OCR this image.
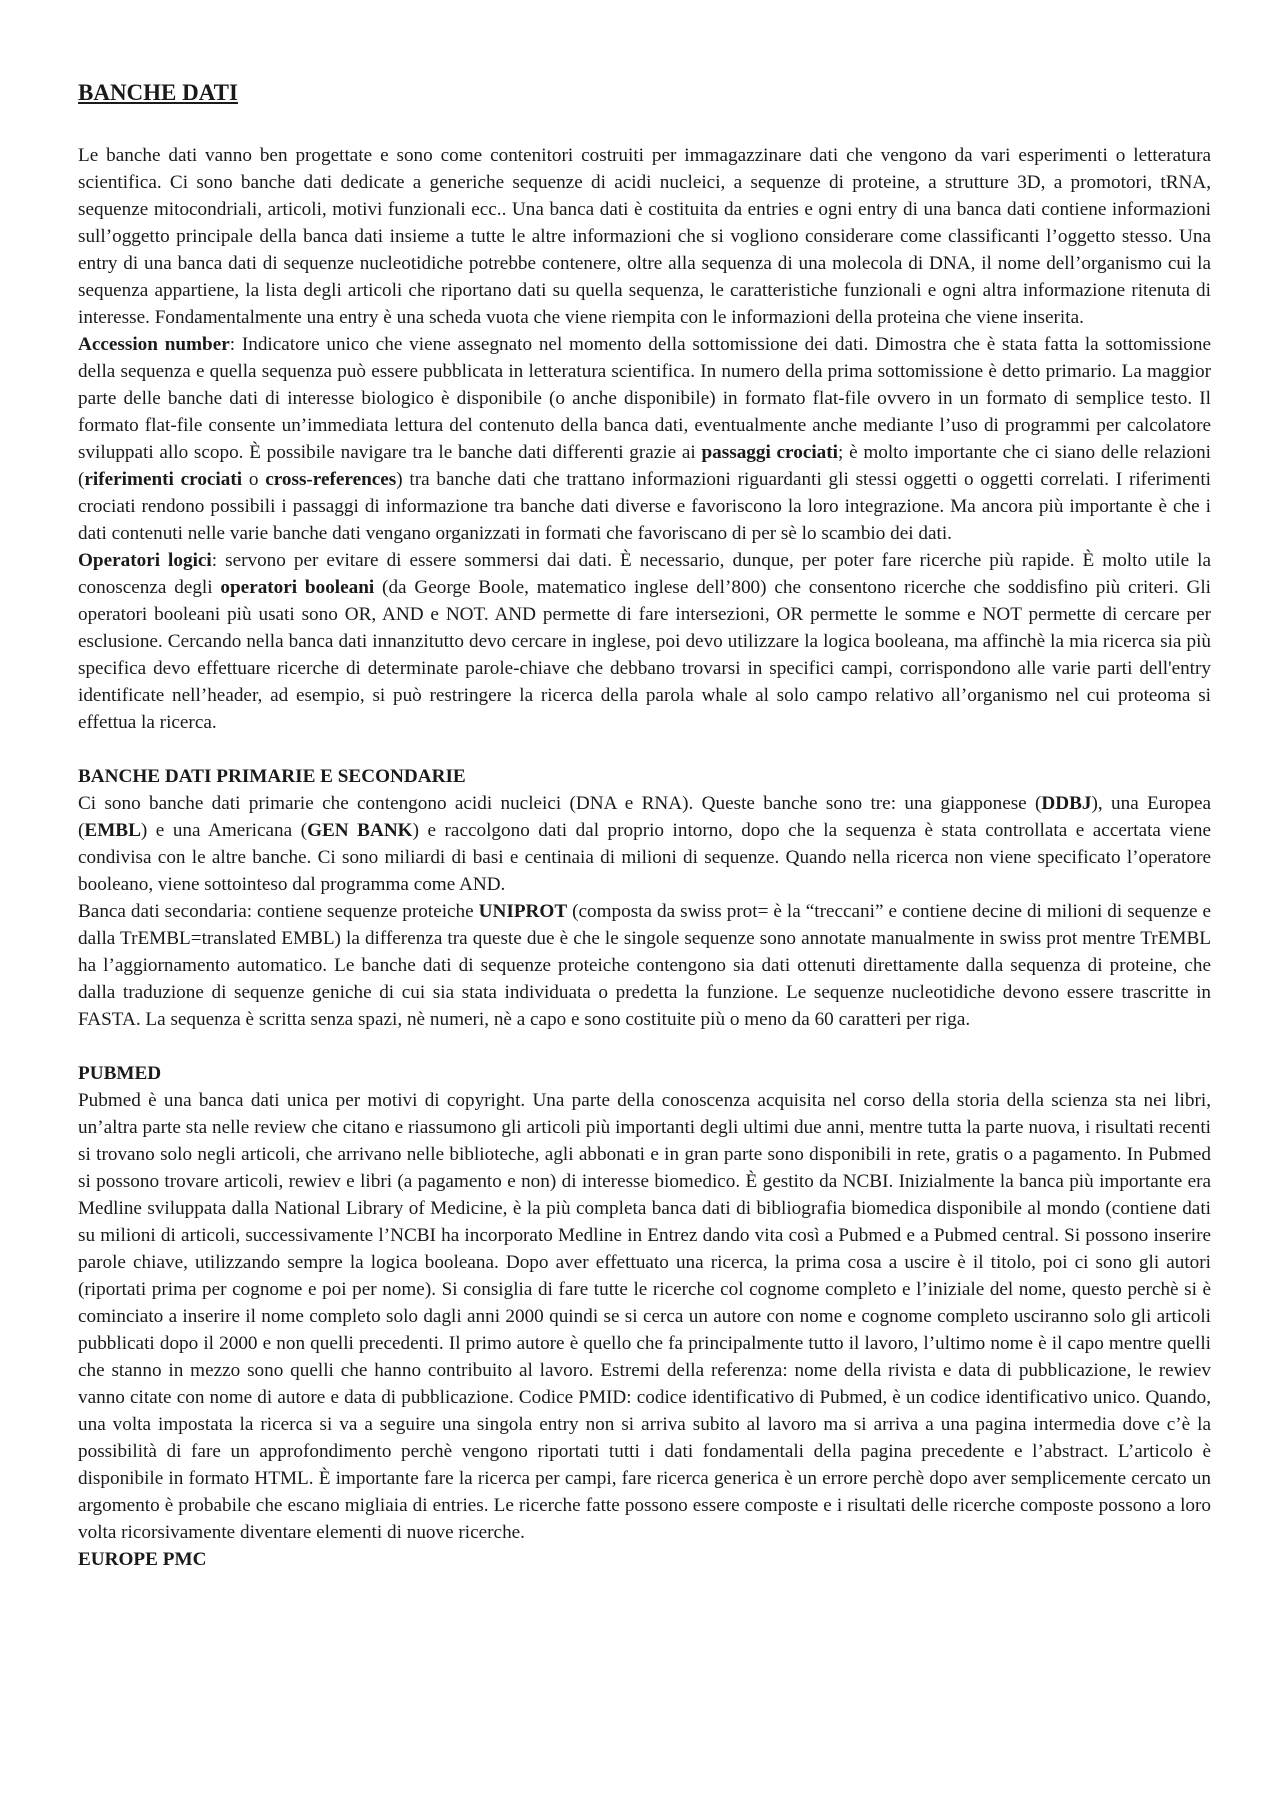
BANCHE DATI

Le banche dati vanno ben progettate e sono come contenitori costruiti per immagazzinare dati che vengono da vari esperimenti o letteratura scientifica. Ci sono banche dati dedicate a generiche sequenze di acidi nucleici, a sequenze di proteine, a strutture 3D, a promotori, tRNA, sequenze mitocondriali, articoli, motivi funzionali ecc.. Una banca dati è costituita da entries e ogni entry di una banca dati contiene informazioni sull’oggetto principale della banca dati insieme a tutte le altre informazioni che si vogliono considerare come classificanti l’oggetto stesso. Una entry di una banca dati di sequenze nucleotidiche potrebbe contenere, oltre alla sequenza di una molecola di DNA, il nome dell’organismo cui la sequenza appartiene, la lista degli articoli che riportano dati su quella sequenza, le caratteristiche funzionali e ogni altra informazione ritenuta di interesse. Fondamentalmente una entry è una scheda vuota che viene riempita con le informazioni della proteina che viene inserita.

Accession number: Indicatore unico che viene assegnato nel momento della sottomissione dei dati. Dimostra che è stata fatta la sottomissione della sequenza e quella sequenza può essere pubblicata in letteratura scientifica. In numero della prima sottomissione è detto primario. La maggior parte delle banche dati di interesse biologico è disponibile (o anche disponibile) in formato flat-file ovvero in un formato di semplice testo. Il formato flat-file consente un’immediata lettura del contenuto della banca dati, eventualmente anche mediante l’uso di programmi per calcolatore sviluppati allo scopo. È possibile navigare tra le banche dati differenti grazie ai passaggi crociati; è molto importante che ci siano delle relazioni (riferimenti crociati o cross-references) tra banche dati che trattano informazioni riguardanti gli stessi oggetti o oggetti correlati. I riferimenti crociati rendono possibili i passaggi di informazione tra banche dati diverse e favoriscono la loro integrazione. Ma ancora più importante è che i dati contenuti nelle varie banche dati vengano organizzati in formati che favoriscano di per sè lo scambio dei dati.

Operatori logici: servono per evitare di essere sommersi dai dati. È necessario, dunque, per poter fare ricerche più rapide. È molto utile la conoscenza degli operatori booleani (da George Boole, matematico inglese dell’800) che consentono ricerche che soddisfino più criteri. Gli operatori booleani più usati sono OR, AND e NOT. AND permette di fare intersezioni, OR permette le somme e NOT permette di cercare per esclusione. Cercando nella banca dati innanzitutto devo cercare in inglese, poi devo utilizzare la logica booleana, ma affinchè la mia ricerca sia più specifica devo effettuare ricerche di determinate parole-chiave che debbano trovarsi in specifici campi, corrispondono alle varie parti dell'entry identificate nell’header, ad esempio, si può restringere la ricerca della parola whale al solo campo relativo all’organismo nel cui proteoma si effettua la ricerca.

BANCHE DATI PRIMARIE E SECONDARIE

Ci sono banche dati primarie che contengono acidi nucleici (DNA e RNA). Queste banche sono tre: una giapponese (DDBJ), una Europea (EMBL) e una Americana (GEN BANK) e raccolgono dati dal proprio intorno, dopo che la sequenza è stata controllata e accertata viene condivisa con le altre banche. Ci sono miliardi di basi e centinaia di milioni di sequenze. Quando nella ricerca non viene specificato l’operatore booleano, viene sottointeso dal programma come AND.

Banca dati secondaria: contiene sequenze proteiche UNIPROT (composta da swiss prot= è la “treccani” e contiene decine di milioni di sequenze e dalla TrEMBL=translated EMBL) la differenza tra queste due è che le singole sequenze sono annotate manualmente in swiss prot mentre TrEMBL ha l’aggiornamento automatico. Le banche dati di sequenze proteiche contengono sia dati ottenuti direttamente dalla sequenza di proteine, che dalla traduzione di sequenze geniche di cui sia stata individuata o predetta la funzione. Le sequenze nucleotidiche devono essere trascritte in FASTA. La sequenza è scritta senza spazi, nè numeri, nè a capo e sono costituite più o meno da 60 caratteri per riga.

PUBMED

Pubmed è una banca dati unica per motivi di copyright. Una parte della conoscenza acquisita nel corso della storia della scienza sta nei libri, un’altra parte sta nelle review che citano e riassumono gli articoli più importanti degli ultimi due anni, mentre tutta la parte nuova, i risultati recenti si trovano solo negli articoli, che arrivano nelle biblioteche, agli abbonati e in gran parte sono disponibili in rete, gratis o a pagamento. In Pubmed si possono trovare articoli, rewiev e libri (a pagamento e non) di interesse biomedico. È gestito da NCBI. Inizialmente la banca più importante era Medline sviluppata dalla National Library of Medicine, è la più completa banca dati di bibliografia biomedica disponibile al mondo (contiene dati su milioni di articoli, successivamente l’NCBI ha incorporato Medline in Entrez dando vita così a Pubmed e a Pubmed central. Si possono inserire parole chiave, utilizzando sempre la logica booleana. Dopo aver effettuato una ricerca, la prima cosa a uscire è il titolo, poi ci sono gli autori (riportati prima per cognome e poi per nome). Si consiglia di fare tutte le ricerche col cognome completo e l’iniziale del nome, questo perchè si è cominciato a inserire il nome completo solo dagli anni 2000 quindi se si cerca un autore con nome e cognome completo usciranno solo gli articoli pubblicati dopo il 2000 e non quelli precedenti. Il primo autore è quello che fa principalmente tutto il lavoro, l’ultimo nome è il capo mentre quelli che stanno in mezzo sono quelli che hanno contribuito al lavoro. Estremi della referenza: nome della rivista e data di pubblicazione, le rewiev vanno citate con nome di autore e data di pubblicazione. Codice PMID: codice identificativo di Pubmed, è un codice identificativo unico. Quando, una volta impostata la ricerca si va a seguire una singola entry non si arriva subito al lavoro ma si arriva a una pagina intermedia dove c’è la possibilità di fare un approfondimento perchè vengono riportati tutti i dati fondamentali della pagina precedente e l’abstract. L’articolo è disponibile in formato HTML. È importante fare la ricerca per campi, fare ricerca generica è un errore perchè dopo aver semplicemente cercato un argomento è probabile che escano migliaia di entries. Le ricerche fatte possono essere composte e i risultati delle ricerche composte possono a loro volta ricorsivamente diventare elementi di nuove ricerche.

EUROPE PMC
